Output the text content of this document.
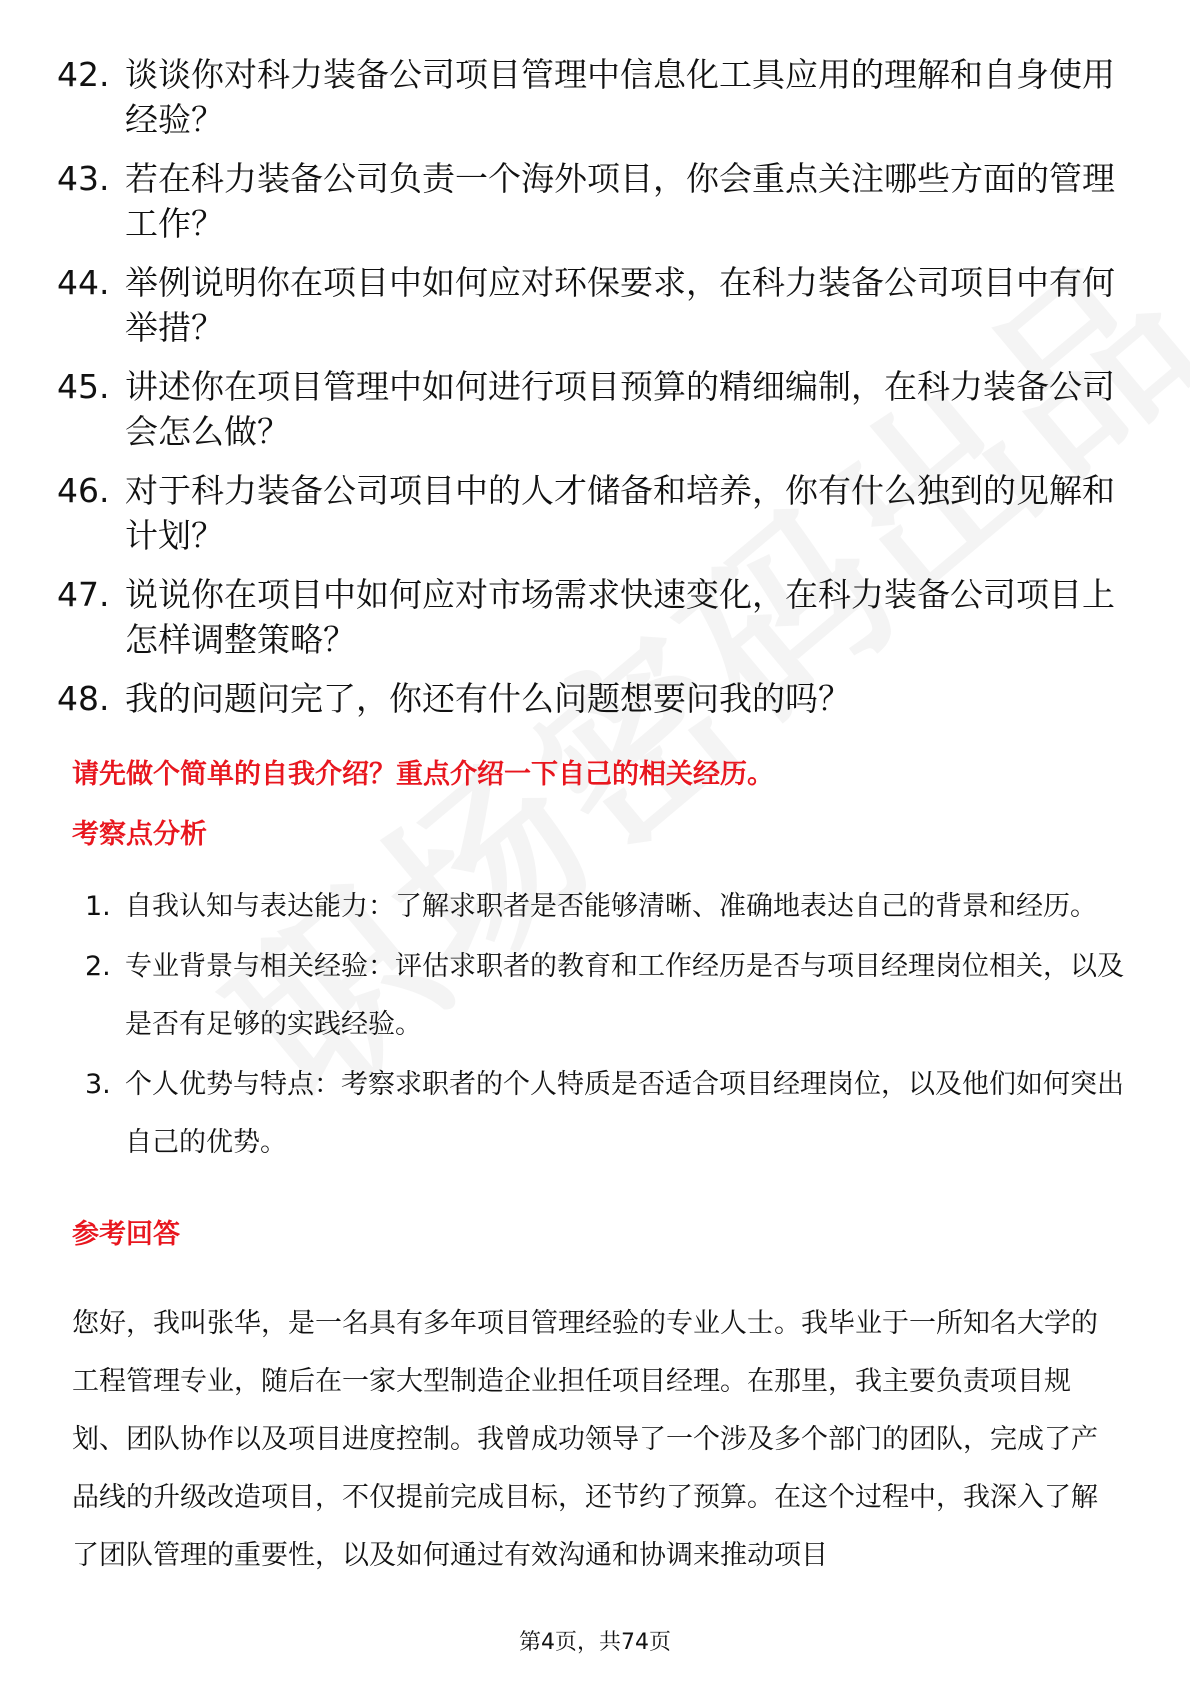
42. 谈谈你对科力装备公司项目管理中信息化工具应用的理解和自身使用经验？
43. 若在科力装备公司负责一个海外项目，你会重点关注哪些方面的管理工作？
44. 举例说明你在项目中如何应对环保要求，在科力装备公司项目中有何举措？
45. 讲述你在项目管理中如何进行项目预算的精细编制，在科力装备公司会怎么做？
46. 对于科力装备公司项目中的人才储备和培养，你有什么独到的见解和计划？
47. 说说你在项目中如何应对市场需求快速变化，在科力装备公司项目上怎样调整策略？
48. 我的问题问完了，你还有什么问题想要问我的吗？
请先做个简单的自我介绍？重点介绍一下自己的相关经历。
考察点分析
1. 自我认知与表达能力：了解求职者是否能够清晰、准确地表达自己的背景和经历。
2. 专业背景与相关经验：评估求职者的教育和工作经历是否与项目经理岗位相关，以及是否有足够的实践经验。
3. 个人优势与特点：考察求职者的个人特质是否适合项目经理岗位，以及他们如何突出自己的优势。
参考回答

您好，我叫张华，是一名具有多年项目管理经验的专业人士。我毕业于一所知名大学的工程管理专业，随后在一家大型制造企业担任项目经理。在那里，我主要负责项目规划、团队协作以及项目进度控制。我曾成功领导了一个涉及多个部门的团队，完成了产品线的升级改造项目，不仅提前完成目标，还节约了预算。在这个过程中，我深入了解了团队管理的重要性，以及如何通过有效沟通和协调来推动项目

第4页，共74页
